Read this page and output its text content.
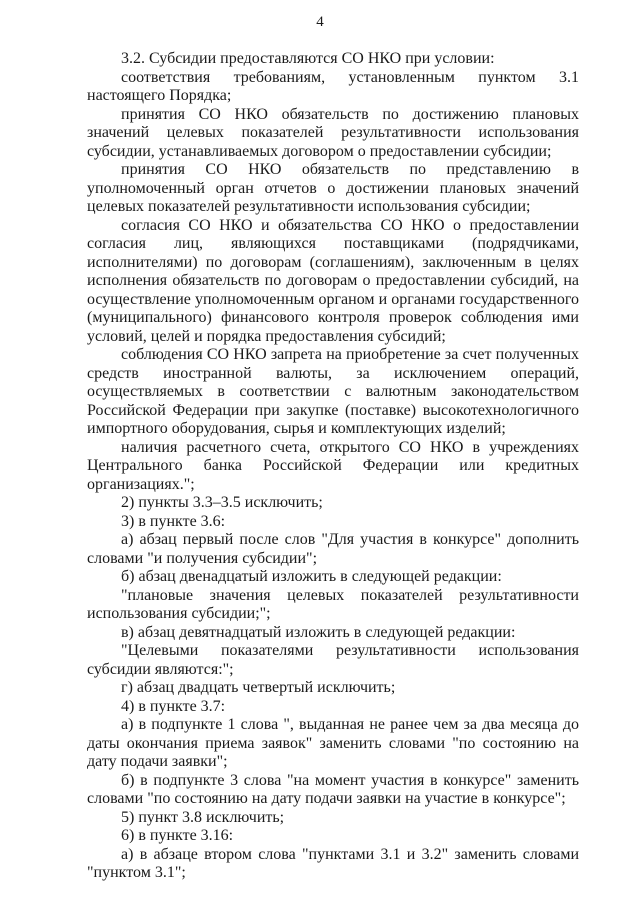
4

3.2. Субсидии предоставляются СО НКО при условии:

соответствия требованиям, установленным пунктом 3.1 настоящего Порядка;

принятия СО НКО обязательств по достижению плановых значений целевых показателей результативности использования субсидии, устанавливаемых договором о предоставлении субсидии;

принятия СО НКО обязательств по представлению в уполномоченный орган отчетов о достижении плановых значений целевых показателей результативности использования субсидии;

согласия СО НКО и обязательства СО НКО о предоставлении согласия лиц, являющихся поставщиками (подрядчиками, исполнителями) по договорам (соглашениям), заключенным в целях исполнения обязательств по договорам о предоставлении субсидий, на осуществление уполномоченным органом и органами государственного (муниципального) финансового контроля проверок соблюдения ими условий, целей и порядка предоставления субсидий;

соблюдения СО НКО запрета на приобретение за счет полученных средств иностранной валюты, за исключением операций, осуществляемых в соответствии с валютным законодательством Российской Федерации при закупке (поставке) высокотехнологичного импортного оборудования, сырья и комплектующих изделий;

наличия расчетного счета, открытого СО НКО в учреждениях Центрального банка Российской Федерации или кредитных организациях.";

2) пункты 3.3–3.5 исключить;

3) в пункте 3.6:

а) абзац первый после слов "Для участия в конкурсе" дополнить словами "и получения субсидии";

б) абзац двенадцатый изложить в следующей редакции:

"плановые значения целевых показателей результативности использования субсидии;";

в) абзац девятнадцатый изложить в следующей редакции:

"Целевыми показателями результативности использования субсидии являются:";

г) абзац двадцать четвертый исключить;

4) в пункте 3.7:

а) в подпункте 1 слова ", выданная не ранее чем за два месяца до даты окончания приема заявок" заменить словами "по состоянию на дату подачи заявки";

б) в подпункте 3 слова "на момент участия в конкурсе" заменить словами "по состоянию на дату подачи заявки на участие в конкурсе";

5) пункт 3.8 исключить;

6) в пункте 3.16:

а) в абзаце втором слова "пунктами 3.1 и 3.2" заменить словами "пунктом 3.1";
